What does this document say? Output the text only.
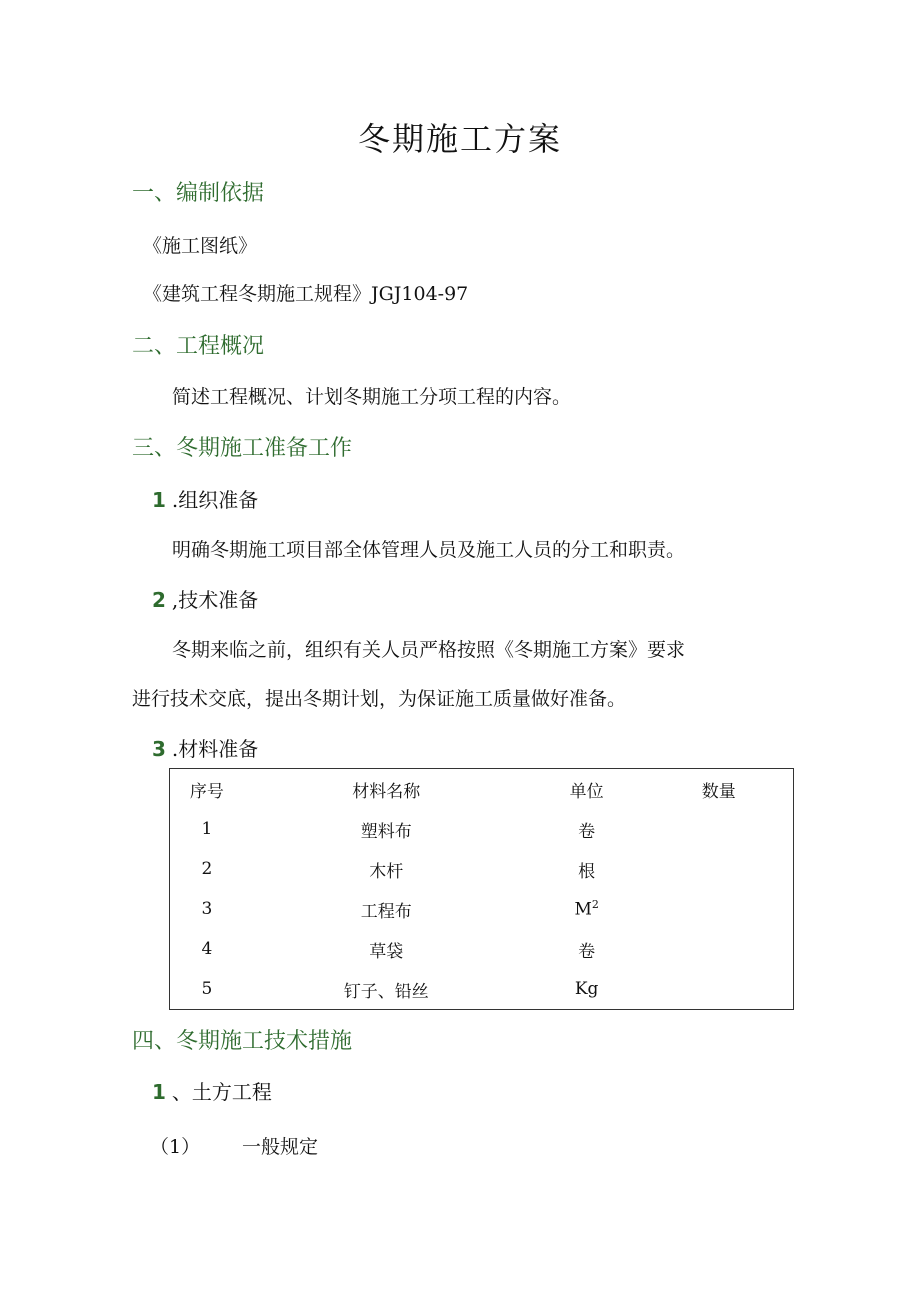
冬期施工方案
一、编制依据
《施工图纸》
《建筑工程冬期施工规程》JGJ104-97
二、工程概况
简述工程概况、计划冬期施工分项工程的内容。
三、冬期施工准备工作
1 .组织准备
明确冬期施工项目部全体管理人员及施工人员的分工和职责。
2 ,技术准备
冬期来临之前，组织有关人员严格按照《冬期施工方案》要求
进行技术交底，提出冬期计划，为保证施工质量做好准备。
3 .材料准备
序号	材料名称	单位	数量
1	塑料布	卷	
2	木杆	根	
3	工程布	$M^2$	
4	草袋	卷	
5	钉子、铅丝	Kg	
四、冬期施工技术措施
1 、土方工程
（1） 一般规定
